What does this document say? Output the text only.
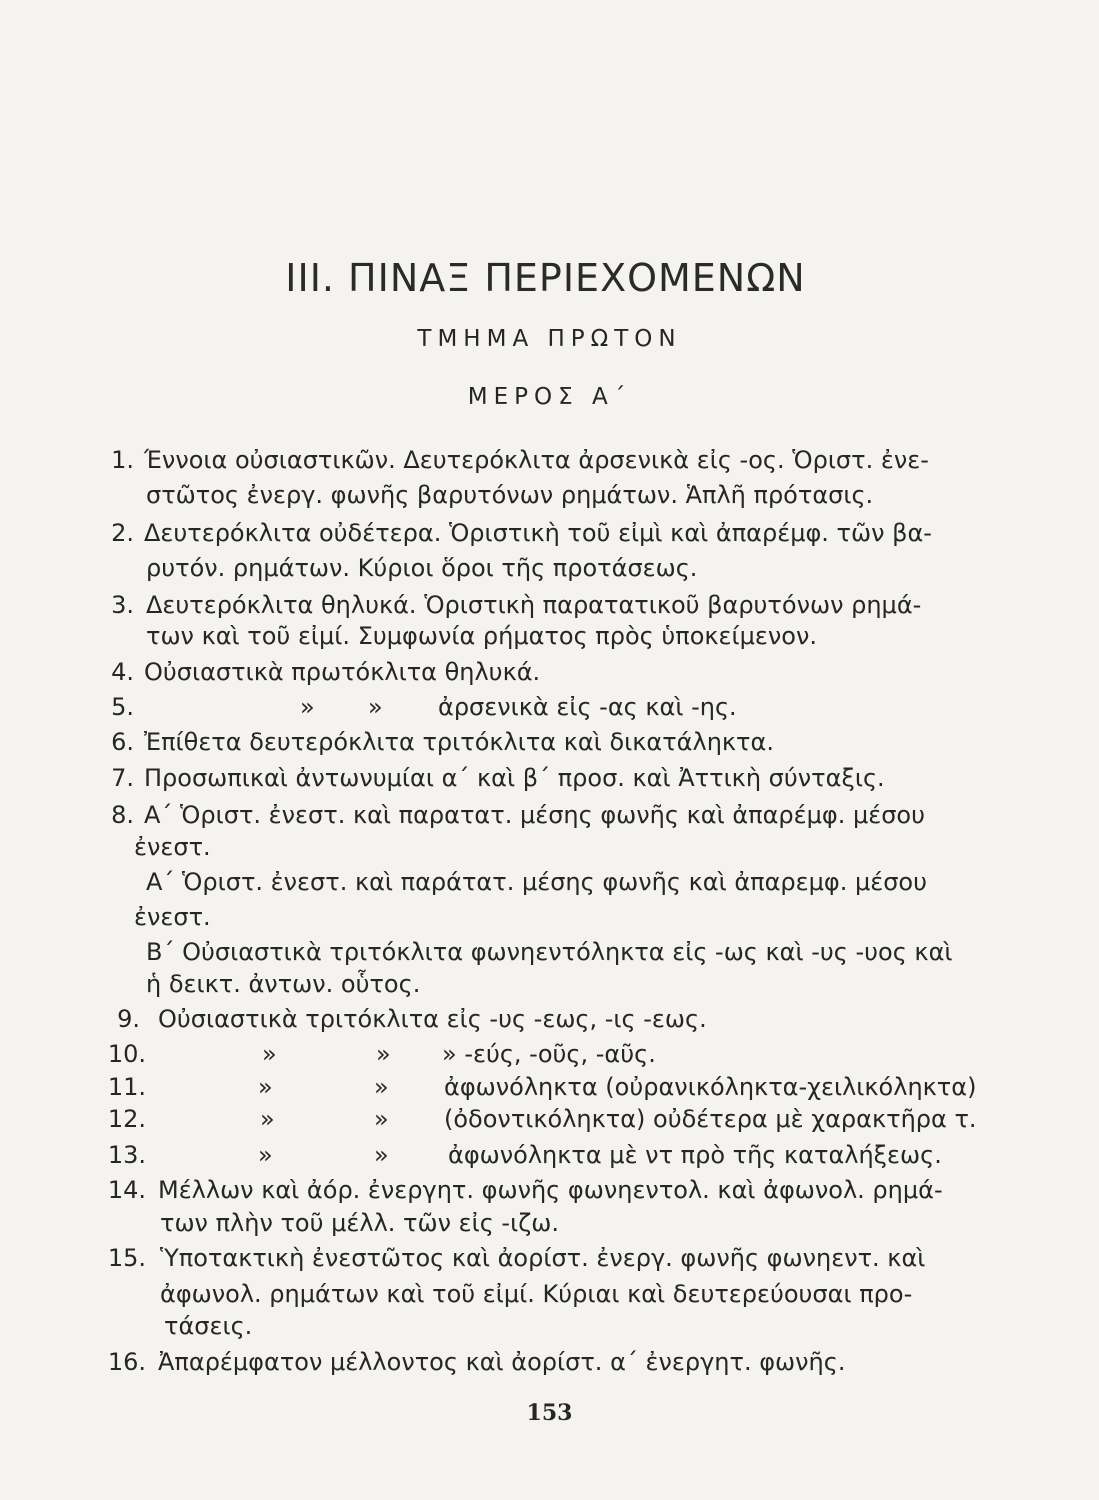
III. ΠΙΝΑΞ ΠΕΡΙΕΧΟΜΕΝΩΝ
ΤΜΗΜΑ ΠΡΩΤΟΝ
ΜΕΡΟΣ Α΄
1. Έννοια οὐσιαστικῶν. Δευτερόκλιτα ἀρσενικὰ εἰς -ος. Ὁριστ. ἐνε-
στῶτος ἐνεργ. φωνῆς βαρυτόνων ρημάτων. Ἁπλῆ πρότασις.
2. Δευτερόκλιτα οὐδέτερα. Ὁριστικὴ τοῦ εἰμὶ καὶ ἀπαρέμφ. τῶν βα-
ρυτόν. ρημάτων. Κύριοι ὅροι τῆς προτάσεως.
3. Δευτερόκλιτα θηλυκά. Ὁριστικὴ παρατατικοῦ βαρυτόνων ρημά-
των καὶ τοῦ εἰμί. Συμφωνία ρήματος πρὸς ὑποκείμενον.
4. Οὐσιαστικὰ πρωτόκλιτα θηλυκά.
5.	» » ἀρσενικὰ εἰς -ας καὶ -ης.
6. Ἐπίθετα δευτερόκλιτα τριτόκλιτα καὶ δικατάληκτα.
7. Προσωπικαὶ ἀντωνυμίαι α΄ καὶ β΄ προσ. καὶ Ἀττικὴ σύνταξις.
8. Α΄ Ὁριστ. ἐνεστ. καὶ παρατατ. μέσης φωνῆς καὶ ἀπαρέμφ. μέσου
ἐνεστ.
Α΄ Ὁριστ. ἐνεστ. καὶ παράτατ. μέσης φωνῆς καὶ ἀπαρεμφ. μέσου
ἐνεστ.
Β΄ Οὐσιαστικὰ τριτόκλιτα φωνηεντόληκτα εἰς -ως καὶ -υς -υος καὶ
ἡ δεικτ. ἀντων. οὗτος.
9. Οὐσιαστικὰ τριτόκλιτα εἰς -υς -εως, -ις -εως.
10.	»	» » -εύς, -οῦς, -αῦς.
11.	»	» ἀφωνόληκτα (οὐρανικόληκτα-χειλικόληκτα)
12.	»	» (ὀδοντικόληκτα) οὐδέτερα μὲ χαρακτῆρα τ.
13.	»	» ἀφωνόληκτα μὲ ντ πρὸ τῆς καταλήξεως.
14. Μέλλων καὶ ἀόρ. ἐνεργητ. φωνῆς φωνηεντολ. καὶ ἀφωνολ. ρημά-
των πλὴν τοῦ μέλλ. τῶν εἰς -ιζω.
15. Ὑποτακτικὴ ἐνεστῶτος καὶ ἀορίστ. ἐνεργ. φωνῆς φωνηεντ. καὶ
ἀφωνολ. ρημάτων καὶ τοῦ εἰμί. Κύριαι καὶ δευτερεύουσαι προ-
τάσεις.
16. Ἀπαρέμφατον μέλλοντος καὶ ἀορίστ. α΄ ἐνεργητ. φωνῆς.
153
